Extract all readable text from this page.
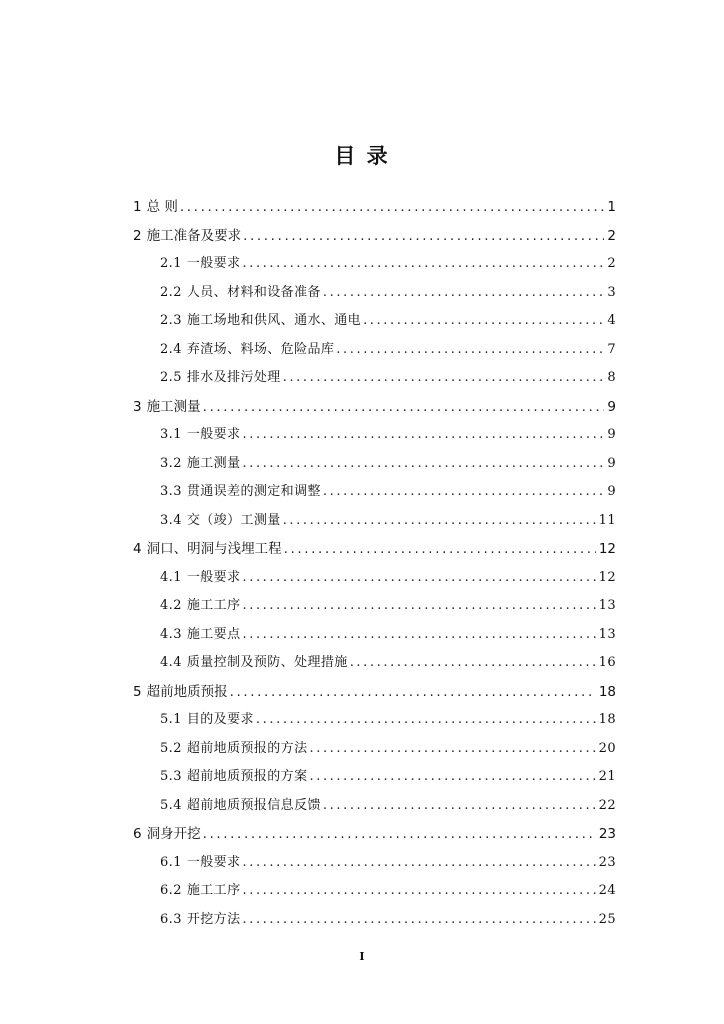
目 录
1 总 则 .....	1
2 施工准备及要求 .....	2
2.1 一般要求 .....	2
2.2 人员、材料和设备准备 .....	3
2.3 施工场地和供风、通水、通电 .....	4
2.4 弃渣场、料场、危险品库 .....	7
2.5 排水及排污处理 .....	8
3 施工测量 .....	9
3.1 一般要求 .....	9
3.2 施工测量 .....	9
3.3 贯通误差的测定和调整 .....	9
3.4 交（竣）工测量 .....	11
4 洞口、明洞与浅埋工程 .....	12
4.1 一般要求 .....	12
4.2 施工工序 .....	13
4.3 施工要点 .....	13
4.4 质量控制及预防、处理措施 .....	16
5 超前地质预报 .....	18
5.1 目的及要求 .....	18
5.2 超前地质预报的方法 .....	20
5.3 超前地质预报的方案 .....	21
5.4 超前地质预报信息反馈 .....	22
6 洞身开挖 .....	23
6.1 一般要求 .....	23
6.2 施工工序 .....	24
6.3 开挖方法 .....	25
I
